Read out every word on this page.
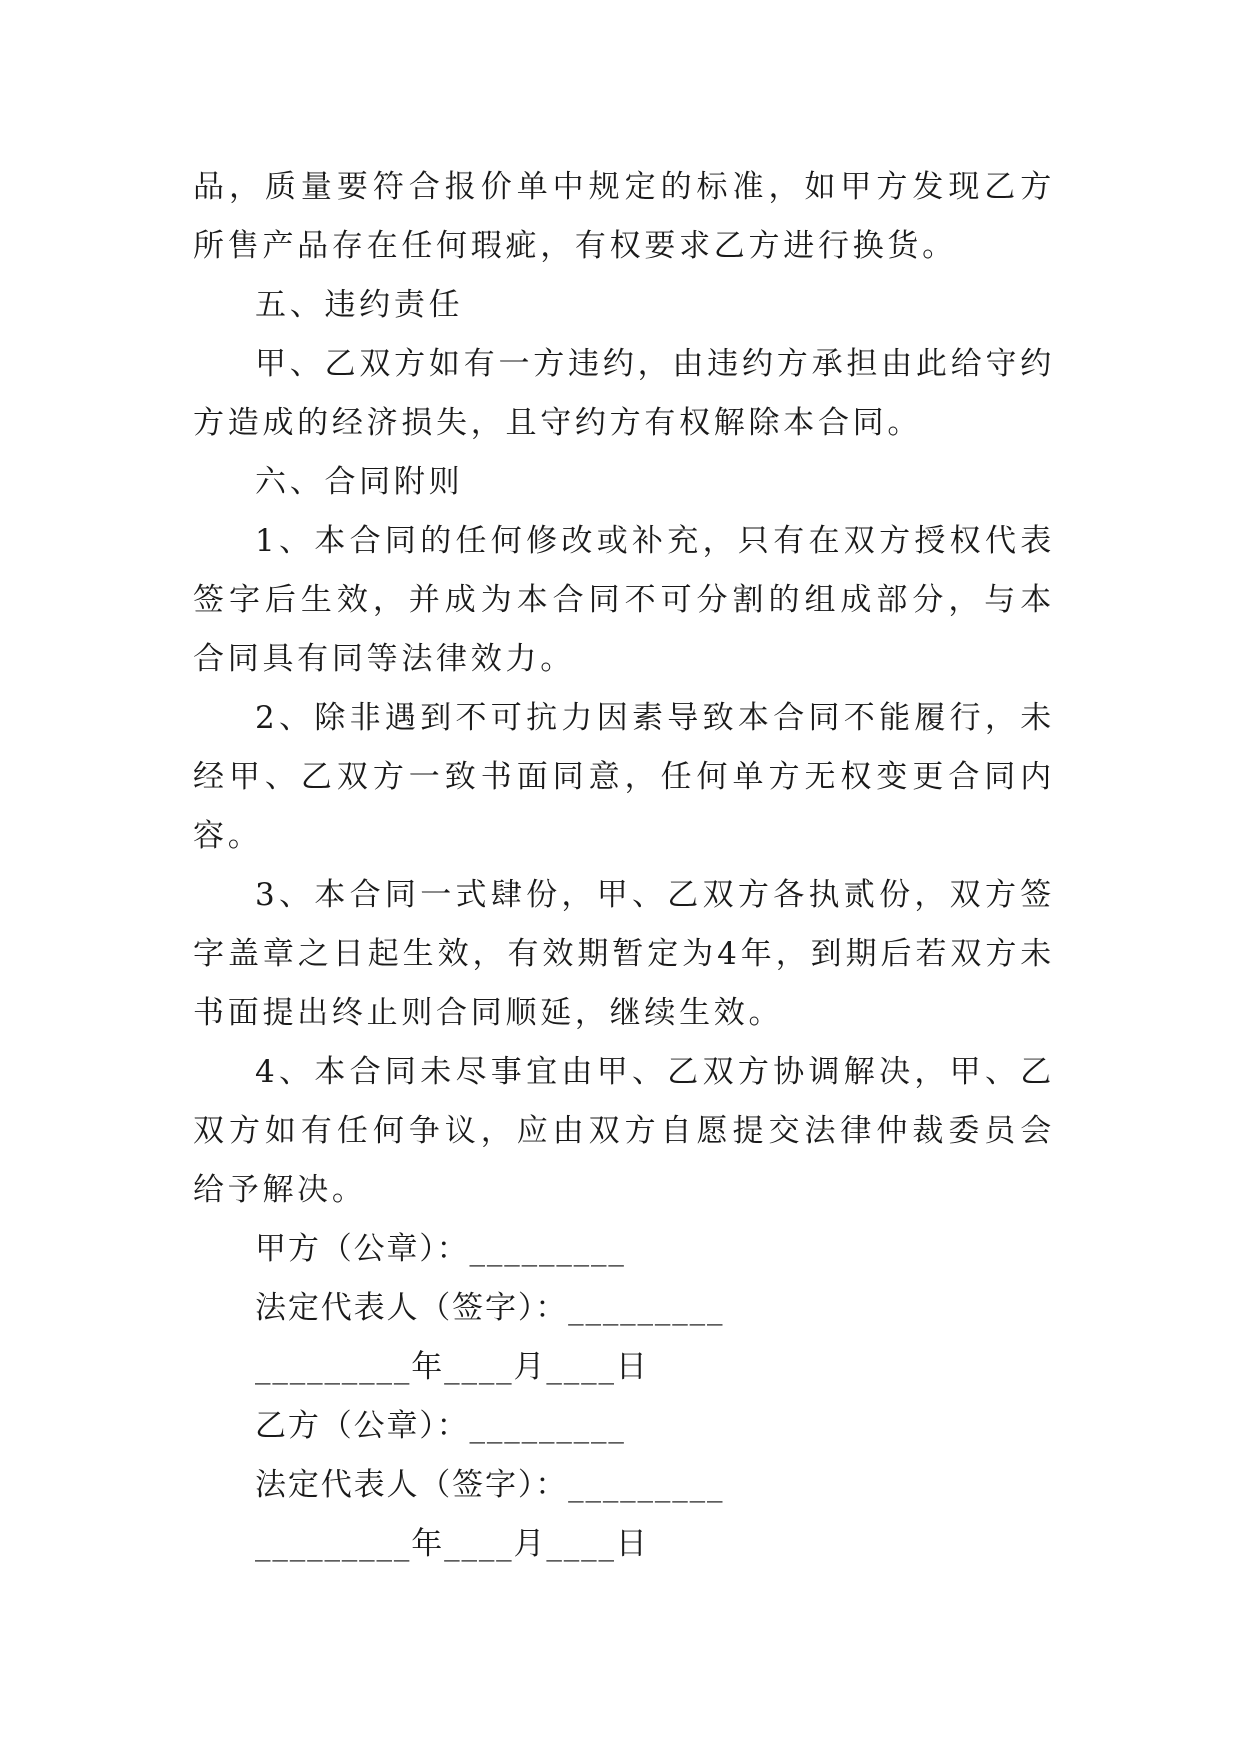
品，质量要符合报价单中规定的标准，如甲方发现乙方所售产品存在任何瑕疵，有权要求乙方进行换货。

五、违约责任

甲、乙双方如有一方违约，由违约方承担由此给守约方造成的经济损失，且守约方有权解除本合同。

六、合同附则

1、本合同的任何修改或补充，只有在双方授权代表签字后生效，并成为本合同不可分割的组成部分，与本合同具有同等法律效力。

2、除非遇到不可抗力因素导致本合同不能履行，未经甲、乙双方一致书面同意，任何单方无权变更合同内容。

3、本合同一式肆份，甲、乙双方各执贰份，双方签字盖章之日起生效，有效期暂定为4年，到期后若双方未书面提出终止则合同顺延，继续生效。

4、本合同未尽事宜由甲、乙双方协调解决，甲、乙双方如有任何争议，应由双方自愿提交法律仲裁委员会给予解决。

甲方（公章）：_________

法定代表人（签字）：_________

_________年____月____日

乙方（公章）：_________

法定代表人（签字）：_________

_________年____月____日
